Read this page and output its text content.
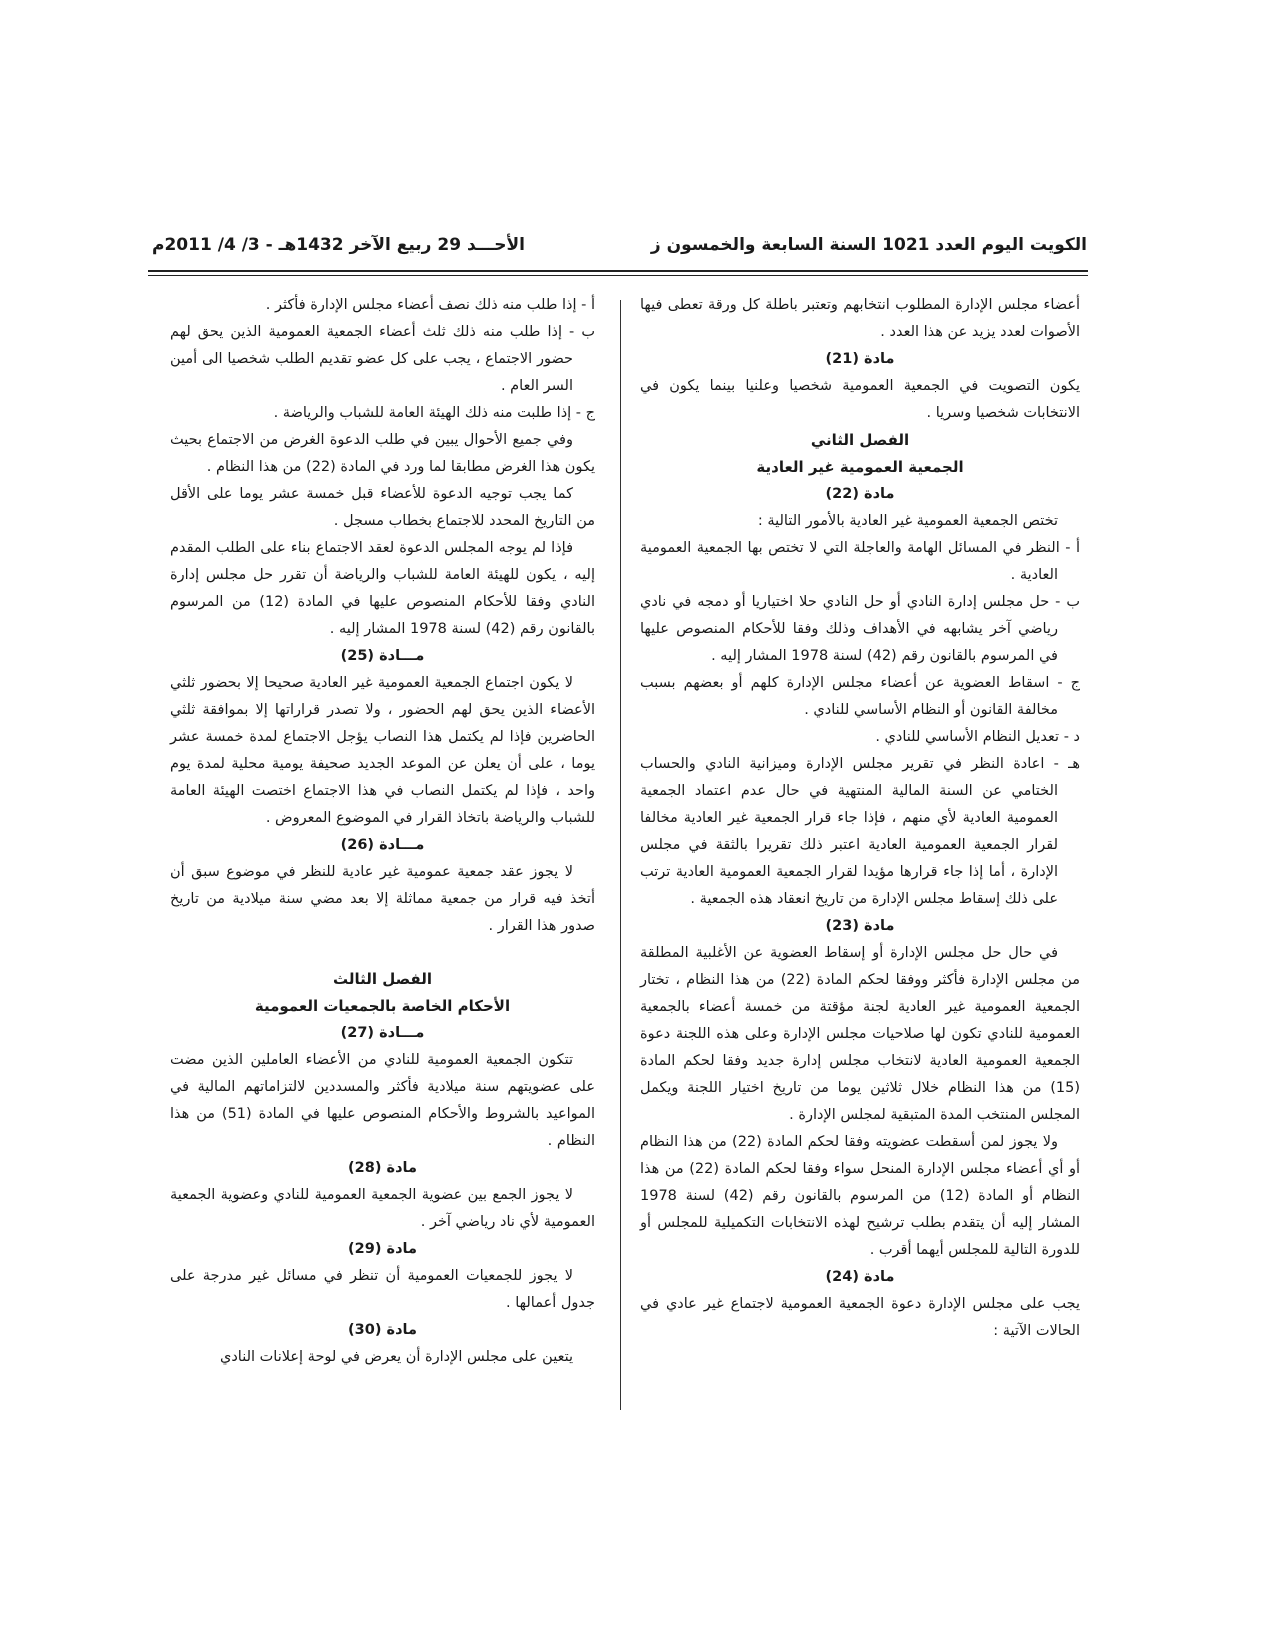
الكويت اليوم العدد 1021 السنة السابعة والخمسون ز
الأحـــد 29 ربيع الآخر 1432هـ - 3/ 4/ 2011م

أعضاء مجلس الإدارة المطلوب انتخابهم وتعتبر باطلة كل ورقة تعطى فيها الأصوات لعدد يزيد عن هذا العدد .

مادة (21)

يكون التصويت في الجمعية العمومية شخصيا وعلنيا بينما يكون في الانتخابات شخصيا وسريا .

الفصل الثاني

الجمعية العمومية غير العادية

مادة (22)

تختص الجمعية العمومية غير العادية بالأمور التالية :

أ - النظر في المسائل الهامة والعاجلة التي لا تختص بها الجمعية العمومية العادية .

ب - حل مجلس إدارة النادي أو حل النادي حلا اختياريا أو دمجه في نادي رياضي آخر يشابهه في الأهداف وذلك وفقا للأحكام المنصوص عليها في المرسوم بالقانون رقم (42) لسنة 1978 المشار إليه .

ج - اسقاط العضوية عن أعضاء مجلس الإدارة كلهم أو بعضهم بسبب مخالفة القانون أو النظام الأساسي للنادي .

د - تعديل النظام الأساسي للنادي .

هـ - اعادة النظر في تقرير مجلس الإدارة وميزانية النادي والحساب الختامي عن السنة المالية المنتهية في حال عدم اعتماد الجمعية العمومية العادية لأي منهم ، فإذا جاء قرار الجمعية غير العادية مخالفا لقرار الجمعية العمومية العادية اعتبر ذلك تقريرا بالثقة في مجلس الإدارة ، أما إذا جاء قرارها مؤيدا لقرار الجمعية العمومية العادية ترتب على ذلك إسقاط مجلس الإدارة من تاريخ انعقاد هذه الجمعية .

مادة (23)

في حال حل مجلس الإدارة أو إسقاط العضوية عن الأغلبية المطلقة من مجلس الإدارة فأكثر ووفقا لحكم المادة (22) من هذا النظام ، تختار الجمعية العمومية غير العادية لجنة مؤقتة من خمسة أعضاء بالجمعية العمومية للنادي تكون لها صلاحيات مجلس الإدارة وعلى هذه اللجنة دعوة الجمعية العمومية العادية لانتخاب مجلس إدارة جديد وفقا لحكم المادة (15) من هذا النظام خلال ثلاثين يوما من تاريخ اختيار اللجنة ويكمل المجلس المنتخب المدة المتبقية لمجلس الإدارة .

ولا يجوز لمن أسقطت عضويته وفقا لحكم المادة (22) من هذا النظام أو أي أعضاء مجلس الإدارة المنحل سواء وفقا لحكم المادة (22) من هذا النظام أو المادة (12) من المرسوم بالقانون رقم (42) لسنة 1978 المشار إليه أن يتقدم بطلب ترشيح لهذه الانتخابات التكميلية للمجلس أو للدورة التالية للمجلس أيهما أقرب .

مادة (24)

يجب على مجلس الإدارة دعوة الجمعية العمومية لاجتماع غير عادي في الحالات الآتية :

أ - إذا طلب منه ذلك نصف أعضاء مجلس الإدارة فأكثر .

ب - إذا طلب منه ذلك ثلث أعضاء الجمعية العمومية الذين يحق لهم حضور الاجتماع ، يجب على كل عضو تقديم الطلب شخصيا الى أمين السر العام .

ج - إذا طلبت منه ذلك الهيئة العامة للشباب والرياضة .

وفي جميع الأحوال يبين في طلب الدعوة الغرض من الاجتماع بحيث يكون هذا الغرض مطابقا لما ورد في المادة (22) من هذا النظام .

كما يجب توجيه الدعوة للأعضاء قبل خمسة عشر يوما على الأقل من التاريخ المحدد للاجتماع بخطاب مسجل .

فإذا لم يوجه المجلس الدعوة لعقد الاجتماع بناء على الطلب المقدم إليه ، يكون للهيئة العامة للشباب والرياضة أن تقرر حل مجلس إدارة النادي وفقا للأحكام المنصوص عليها في المادة (12) من المرسوم بالقانون رقم (42) لسنة 1978 المشار إليه .

مـــادة (25)

لا يكون اجتماع الجمعية العمومية غير العادية صحيحا إلا بحضور ثلثي الأعضاء الذين يحق لهم الحضور ، ولا تصدر قراراتها إلا بموافقة ثلثي الحاضرين فإذا لم يكتمل هذا النصاب يؤجل الاجتماع لمدة خمسة عشر يوما ، على أن يعلن عن الموعد الجديد صحيفة يومية محلية لمدة يوم واحد ، فإذا لم يكتمل النصاب في هذا الاجتماع اختصت الهيئة العامة للشباب والرياضة باتخاذ القرار في الموضوع المعروض .

مـــادة (26)

لا يجوز عقد جمعية عمومية غير عادية للنظر في موضوع سبق أن أتخذ فيه قرار من جمعية مماثلة إلا بعد مضي سنة ميلادية من تاريخ صدور هذا القرار .

الفصل الثالث

الأحكام الخاصة بالجمعيات العمومية

مـــادة (27)

تتكون الجمعية العمومية للنادي من الأعضاء العاملين الذين مضت على عضويتهم سنة ميلادية فأكثر والمسددين لالتزاماتهم المالية في المواعيد بالشروط والأحكام المنصوص عليها في المادة (51) من هذا النظام .

مادة (28)

لا يجوز الجمع بين عضوية الجمعية العمومية للنادي وعضوية الجمعية العمومية لأي ناد رياضي آخر .

مادة (29)

لا يجوز للجمعيات العمومية أن تنظر في مسائل غير مدرجة على جدول أعمالها .

مادة (30)

يتعين على مجلس الإدارة أن يعرض في لوحة إعلانات النادي
